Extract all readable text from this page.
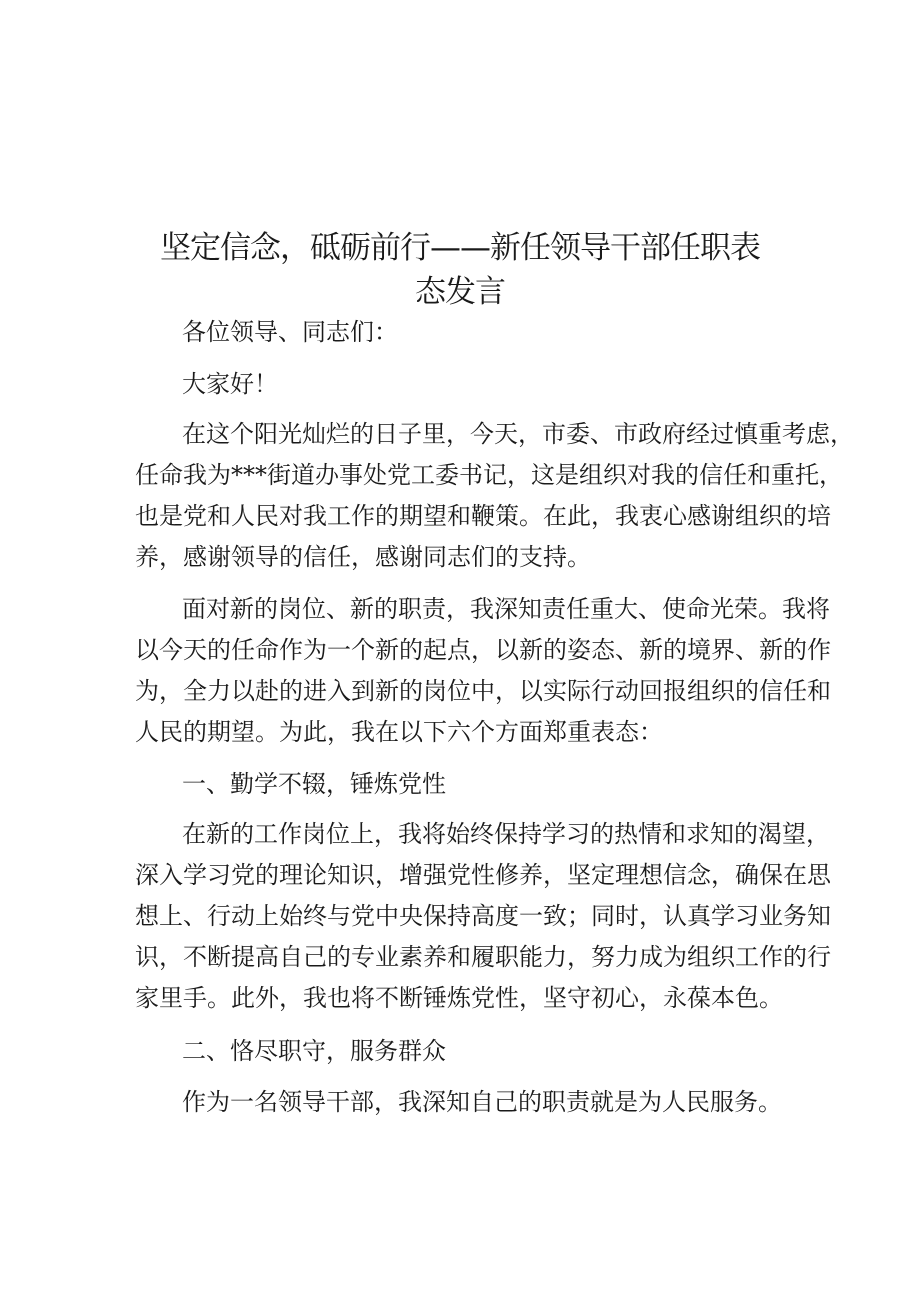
坚定信念，砥砺前行——新任领导干部任职表
态发言

各位领导、同志们：

大家好！

在这个阳光灿烂的日子里，今天，市委、市政府经过慎重考虑，
任命我为***街道办事处党工委书记，这是组织对我的信任和重托，
也是党和人民对我工作的期望和鞭策。在此，我衷心感谢组织的培
养，感谢领导的信任，感谢同志们的支持。

面对新的岗位、新的职责，我深知责任重大、使命光荣。我将
以今天的任命作为一个新的起点，以新的姿态、新的境界、新的作
为，全力以赴的进入到新的岗位中，以实际行动回报组织的信任和
人民的期望。为此，我在以下六个方面郑重表态：

一、勤学不辍，锤炼党性

在新的工作岗位上，我将始终保持学习的热情和求知的渴望，
深入学习党的理论知识，增强党性修养，坚定理想信念，确保在思
想上、行动上始终与党中央保持高度一致；同时，认真学习业务知
识，不断提高自己的专业素养和履职能力，努力成为组织工作的行
家里手。此外，我也将不断锤炼党性，坚守初心，永葆本色。

二、恪尽职守，服务群众

作为一名领导干部，我深知自己的职责就是为人民服务。
